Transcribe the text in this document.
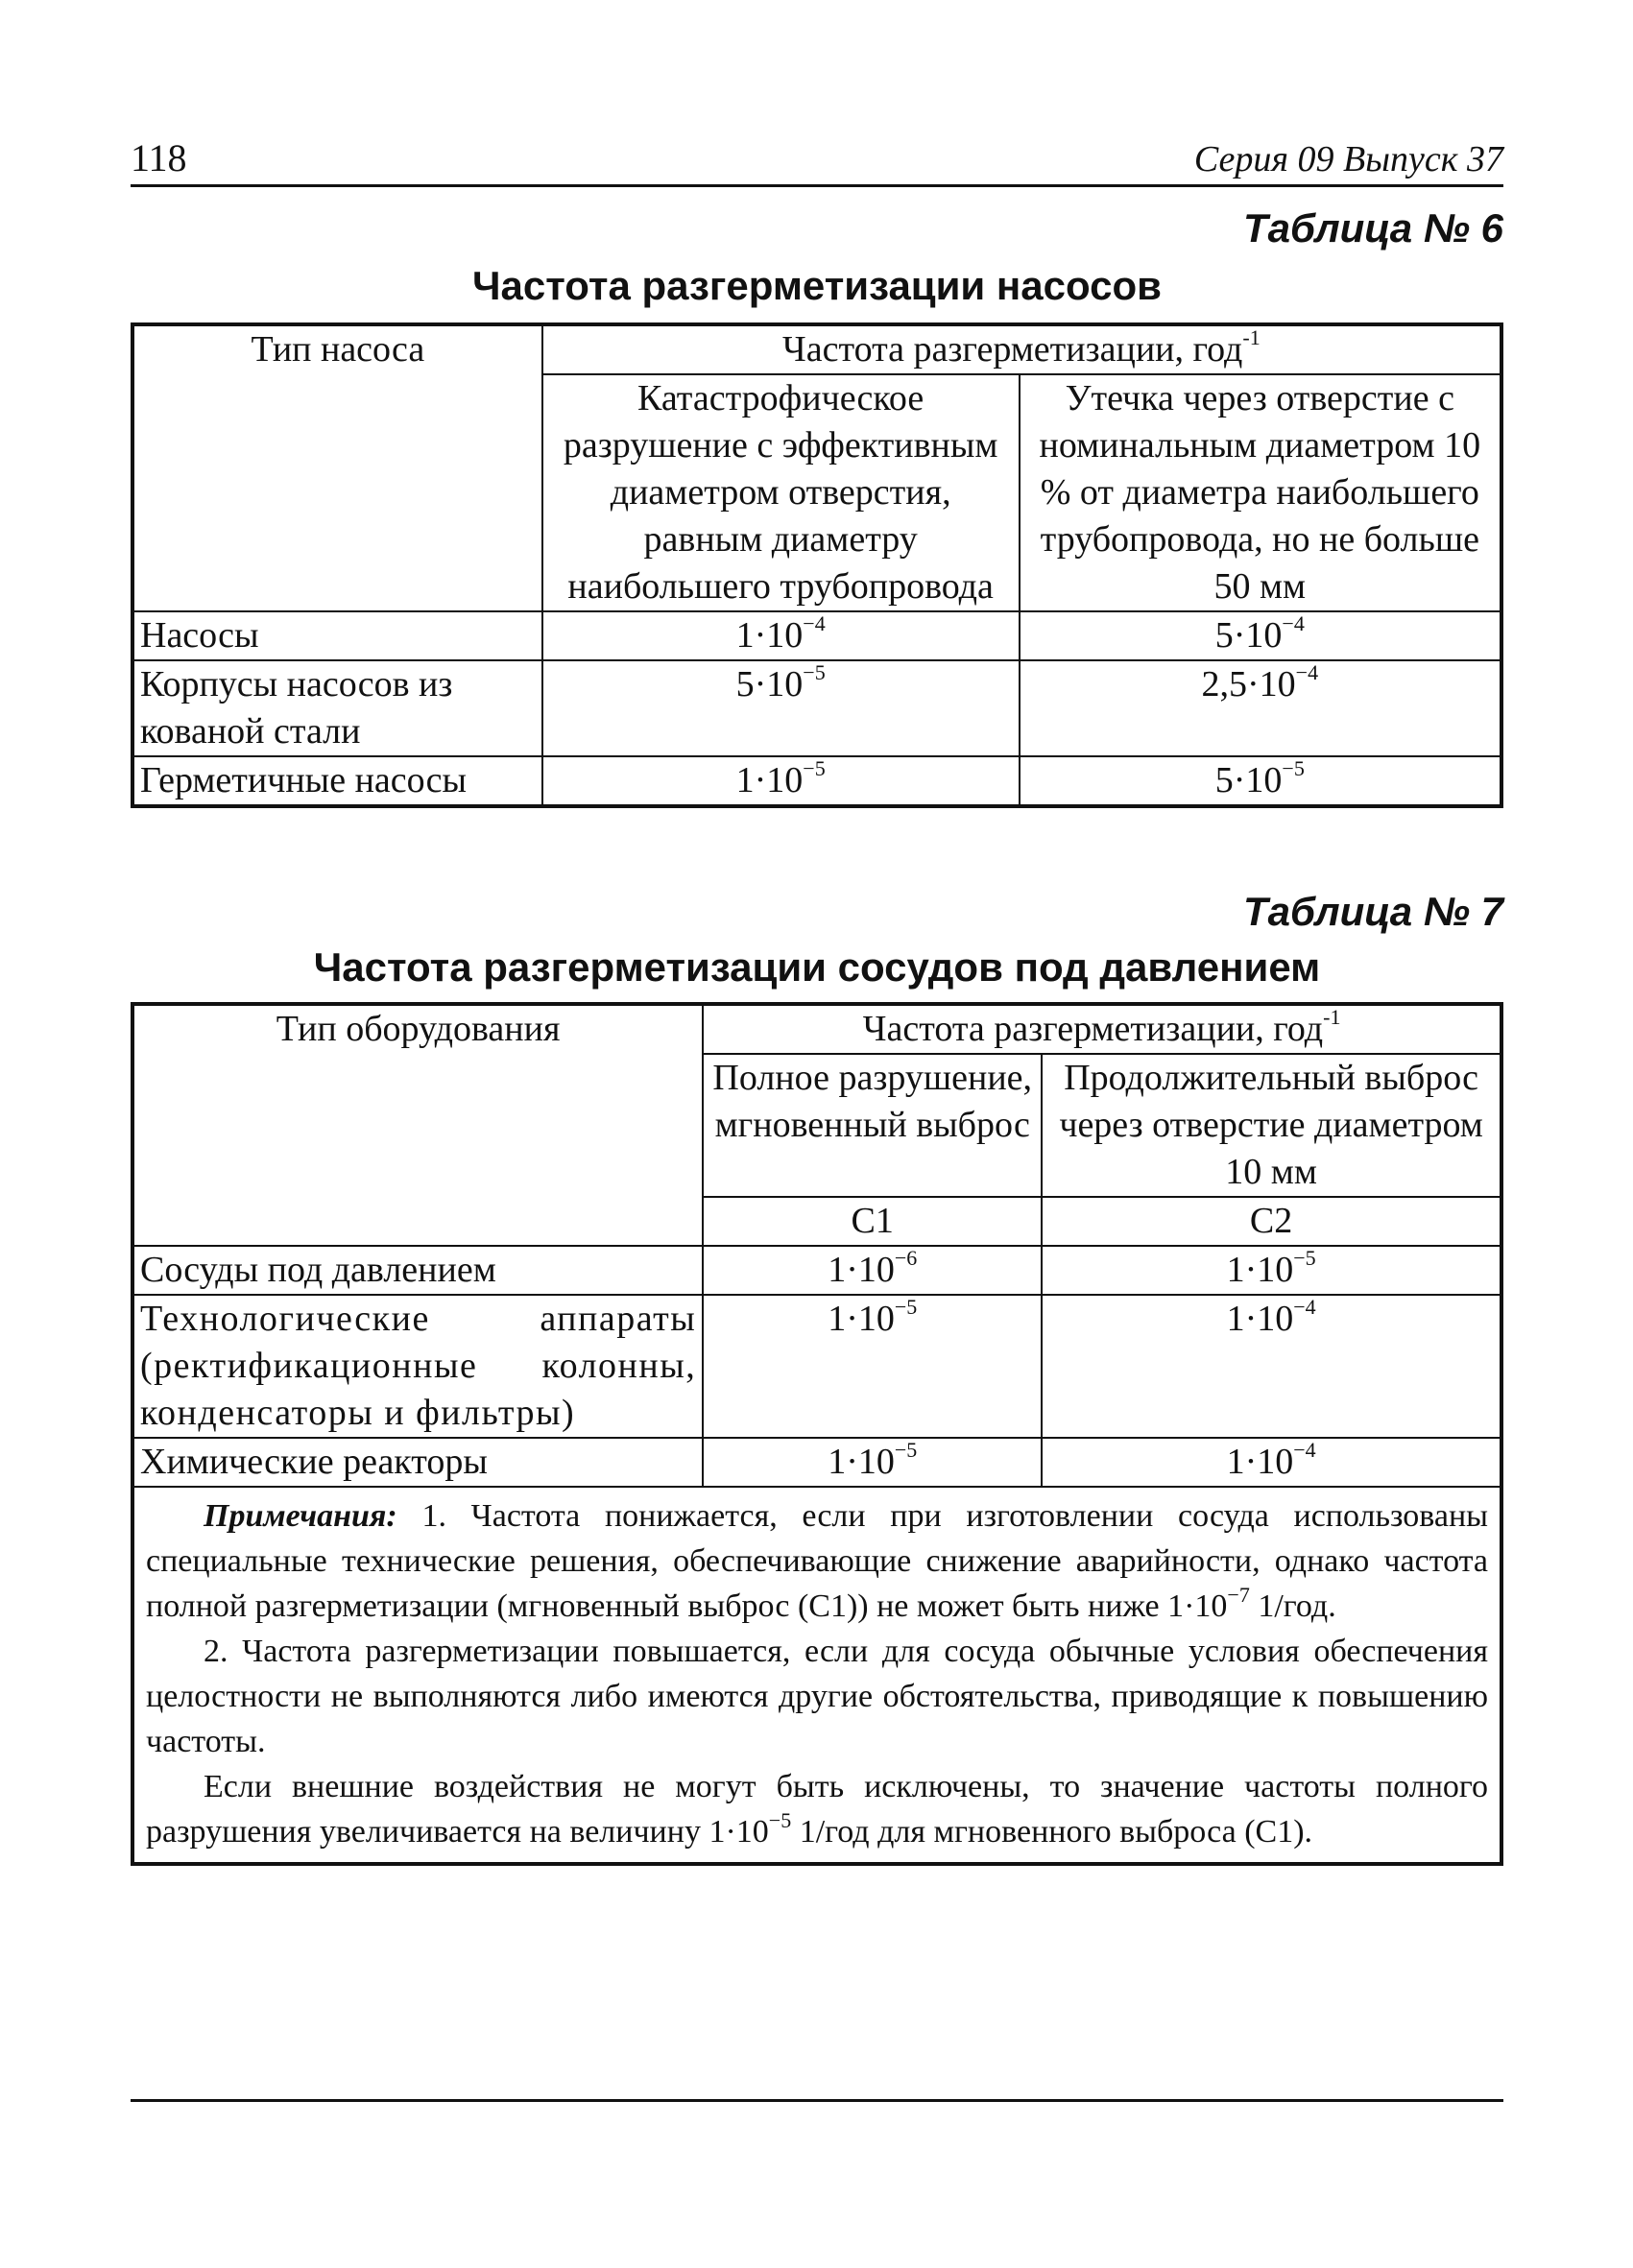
118	Серия 09 Выпуск 37
Таблица № 6
Частота разгерметизации насосов
Тип насоса	Частота разгерметизации, год$^{-1}$
	Катастрофическое разрушение с эффективным диаметром отверстия, равным диаметру наибольшего трубопровода	Утечка через отверстие с номинальным диаметром 10 % от диаметра наибольшего трубопровода, но не больше 50 мм
Насосы	$1\cdot 10^{-4}$	$5\cdot 10^{-4}$
Корпусы насосов из кованой стали	$5\cdot 10^{-5}$	$2,5\cdot 10^{-4}$
Герметичные насосы	$1\cdot 10^{-5}$	$5\cdot 10^{-5}$
Таблица № 7
Частота разгерметизации сосудов под давлением
Тип оборудования	Частота разгерметизации, год$^{-1}$
	Полное разрушение, мгновенный выброс	Продолжительный выброс через отверстие диаметром 10 мм
	C1	C2
Сосуды под давлением	$1\cdot 10^{-6}$	$1\cdot 10^{-5}$
Технологические аппараты (ректификационные колонны, конденсаторы и фильтры)	$1\cdot 10^{-5}$	$1\cdot 10^{-4}$
Химические реакторы	$1\cdot 10^{-5}$	$1\cdot 10^{-4}$

Примечания: 1. Частота понижается, если при изготовлении сосуда использованы специальные технические решения, обеспечивающие снижение аварийности, однако частота полной разгерметизации (мгновенный выброс (C1)) не может быть ниже $1\cdot 10^{-7}$ 1/год.

2. Частота разгерметизации повышается, если для сосуда обычные условия обеспечения целостности не выполняются либо имеются другие обстоятельства, приводящие к повышению частоты.

Если внешние воздействия не могут быть исключены, то значение частоты полного разрушения увеличивается на величину $1\cdot 10^{-5}$ 1/год для мгновенного выброса (C1).		
